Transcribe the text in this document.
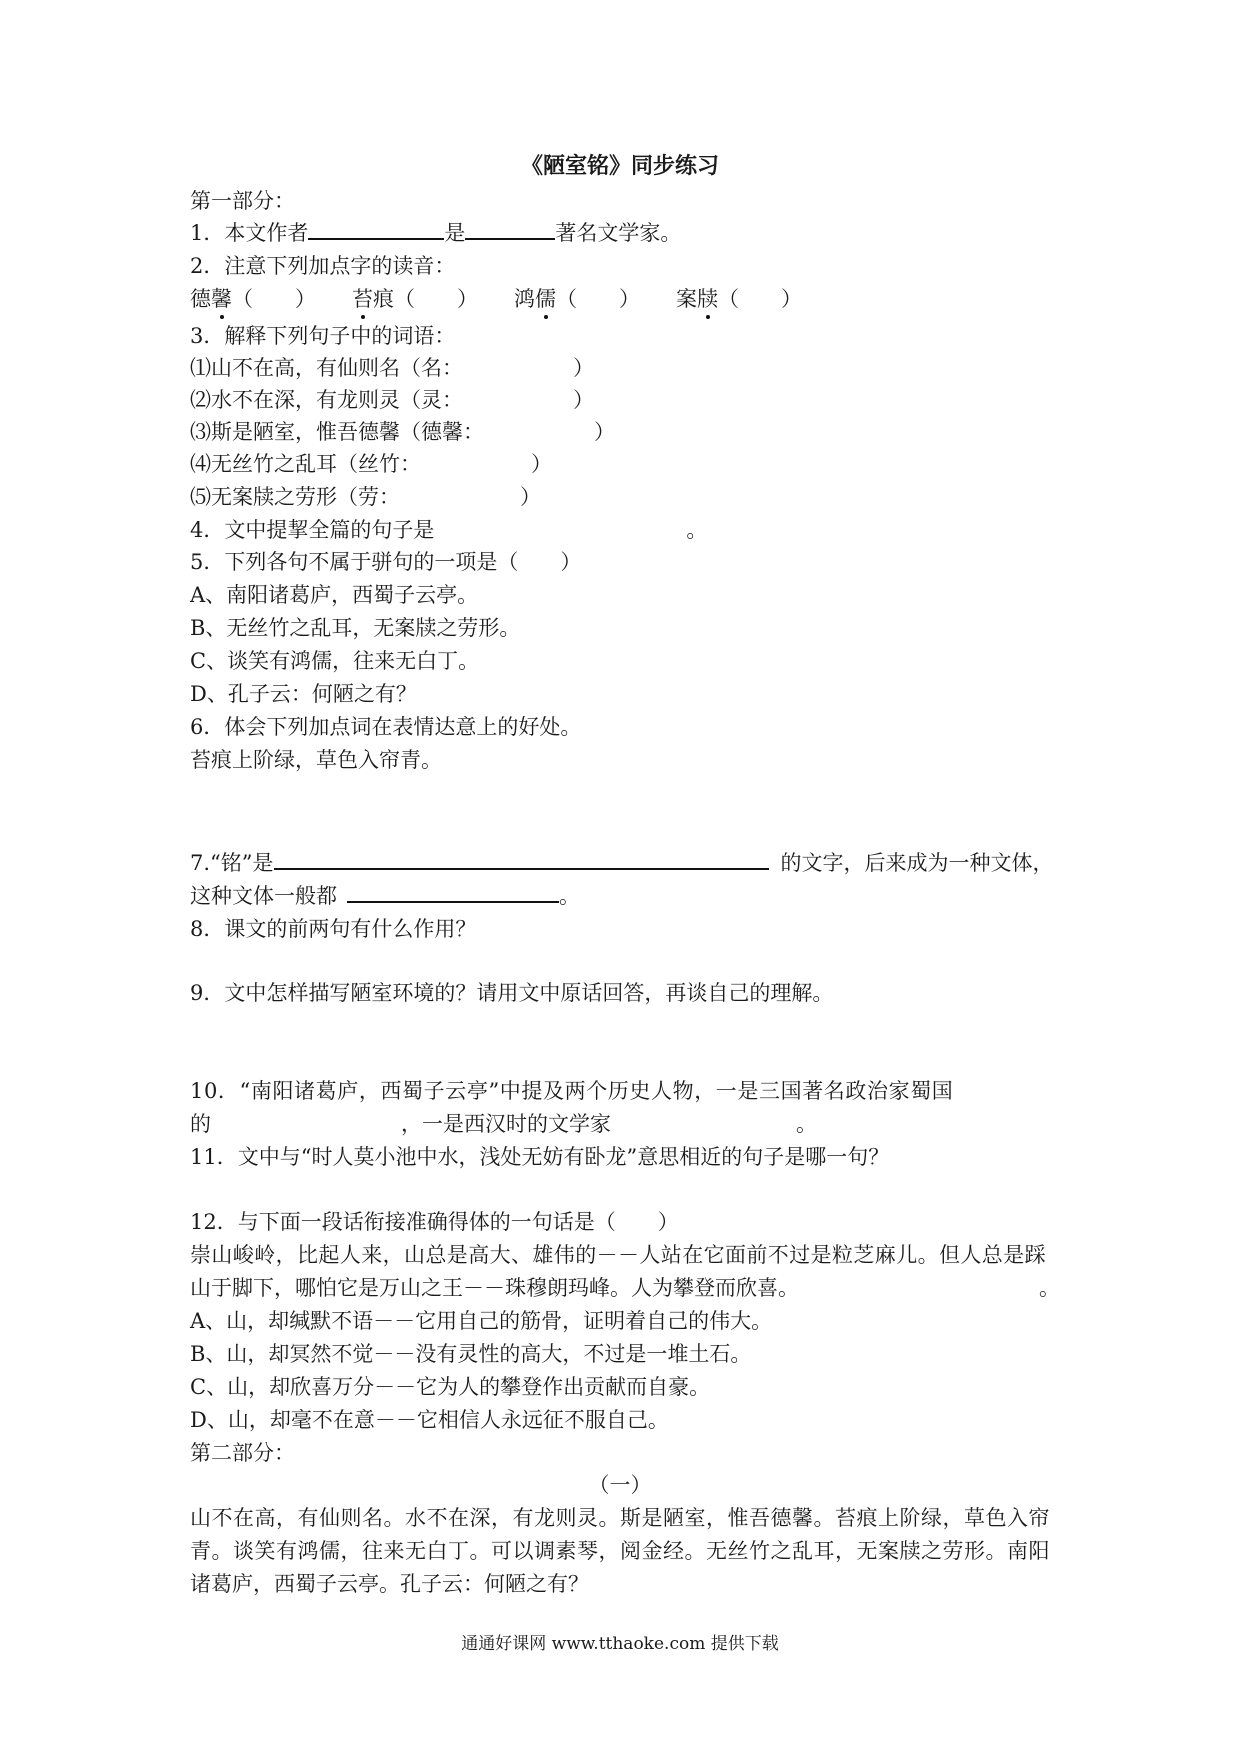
《陋室铭》同步练习
第一部分：
1．本文作者	是	著名文学家。
2．注意下列加点字的读音：
德馨（　　） 苔痕（　　） 鸿儒（　　） 案牍（　　）
3．解释下列句子中的词语：
⑴山不在高，有仙则名（名：	）
⑵水不在深，有龙则灵（灵：	）
⑶斯是陋室，惟吾德馨（德馨：	）
⑷无丝竹之乱耳（丝竹：	）
⑸无案牍之劳形（劳：	）
4．文中提挈全篇的句子是	。
5．下列各句不属于骈句的一项是（　　）
A、南阳诸葛庐，西蜀子云亭。
B、无丝竹之乱耳，无案牍之劳形。
C、谈笑有鸿儒，往来无白丁。
D、孔子云：何陋之有？
6．体会下列加点词在表情达意上的好处。
苔痕上阶绿，草色入帘青。
7.“铭”是	的文字，后来成为一种文体，
这种文体一般都	。
8．课文的前两句有什么作用？
9．文中怎样描写陋室环境的？请用文中原话回答，再谈自己的理解。
10．“南阳诸葛庐，西蜀子云亭”中提及两个历史人物，一是三国著名政治家蜀国
的	，一是西汉时的文学家	。
11．文中与“时人莫小池中水，浅处无妨有卧龙”意思相近的句子是哪一句？
12．与下面一段话衔接准确得体的一句话是（　　）
崇山峻岭，比起人来，山总是高大、雄伟的－－人站在它面前不过是粒芝麻儿。但人总是踩
山于脚下，哪怕它是万山之王－－珠穆朗玛峰。人为攀登而欣喜。	。
A、山，却缄默不语－－它用自己的筋骨，证明着自己的伟大。
B、山，却冥然不觉－－没有灵性的高大，不过是一堆土石。
C、山，却欣喜万分－－它为人的攀登作出贡献而自豪。
D、山，却毫不在意－－它相信人永远征不服自己。
第二部分：
（一）
山不在高，有仙则名。水不在深，有龙则灵。斯是陋室，惟吾德馨。苔痕上阶绿，草色入帘
青。谈笑有鸿儒，往来无白丁。可以调素琴，阅金经。无丝竹之乱耳，无案牍之劳形。南阳
诸葛庐，西蜀子云亭。孔子云：何陋之有？
通通好课网 www.tthaoke.com 提供下载
